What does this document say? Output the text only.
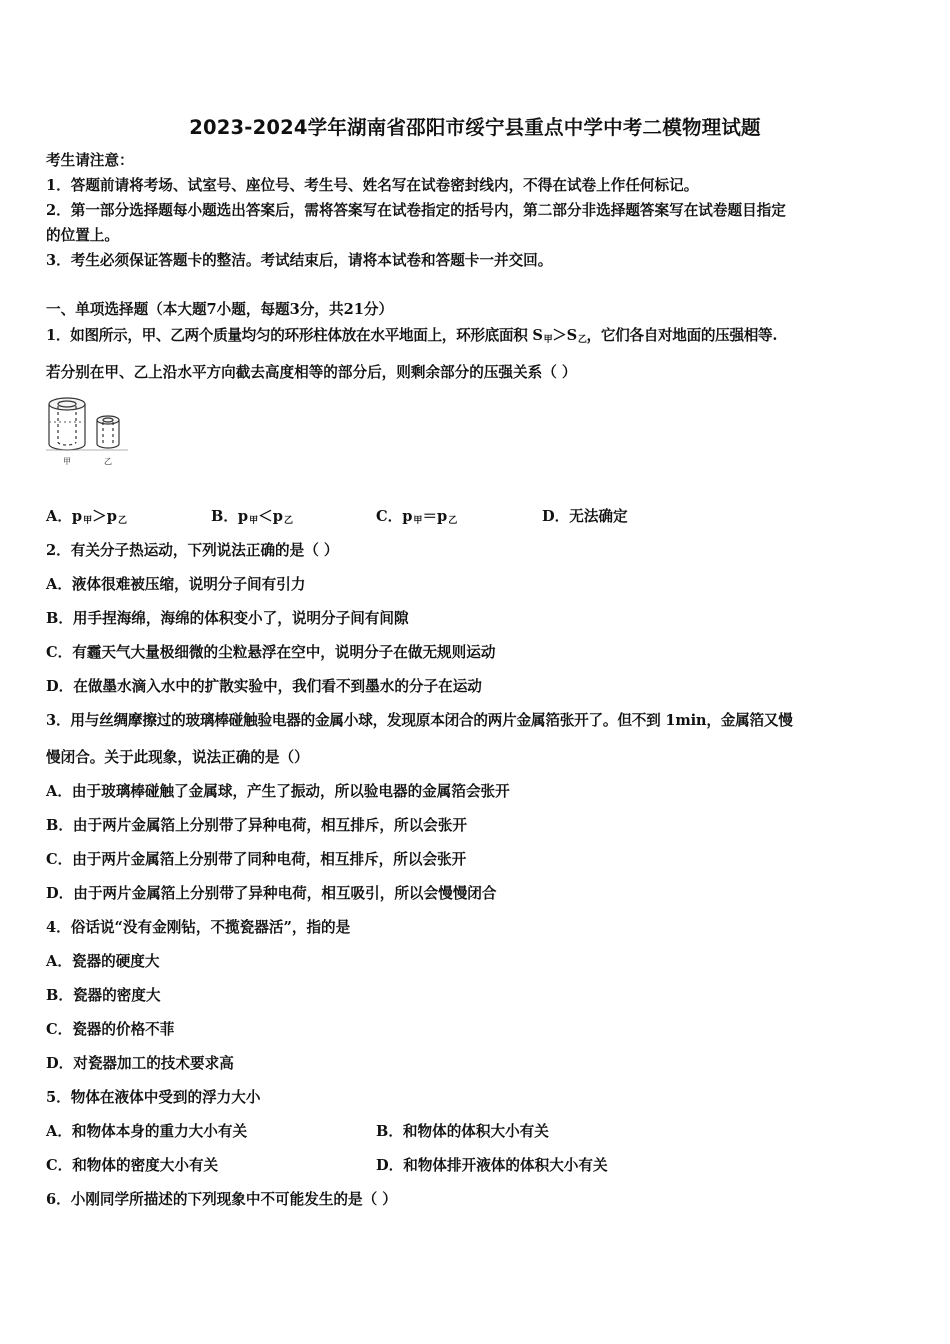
2023-2024学年湖南省邵阳市绥宁县重点中学中考二模物理试题
考生请注意：
1．答题前请将考场、试室号、座位号、考生号、姓名写在试卷密封线内，不得在试卷上作任何标记。
2．第一部分选择题每小题选出答案后，需将答案写在试卷指定的括号内，第二部分非选择题答案写在试卷题目指定
的位置上。
3．考生必须保证答题卡的整洁。考试结束后，请将本试卷和答题卡一并交回。
一、单项选择题（本大题7小题，每题3分，共21分）
1．如图所示，甲、乙两个质量均匀的环形柱体放在水平地面上，环形底面积 $S_甲>S_乙$，它们各自对地面的压强相等.
若分别在甲、乙上沿水平方向截去高度相等的部分后，则剩余部分的压强关系（ ）
甲	乙
A．$p_甲>p_乙$	B．$p_甲<p_乙$	C．$p_甲=p_乙$	D．无法确定
2．有关分子热运动，下列说法正确的是（ ）
A．液体很难被压缩，说明分子间有引力
B．用手捏海绵，海绵的体积变小了，说明分子间有间隙
C．有霾天气大量极细微的尘粒悬浮在空中，说明分子在做无规则运动
D．在做墨水滴入水中的扩散实验中，我们看不到墨水的分子在运动
3．用与丝绸摩擦过的玻璃棒碰触验电器的金属小球，发现原本闭合的两片金属箔张开了。但不到 1min，金属箔又慢
慢闭合。关于此现象，说法正确的是（）
A．由于玻璃棒碰触了金属球，产生了振动，所以验电器的金属箔会张开
B．由于两片金属箔上分别带了异种电荷，相互排斥，所以会张开
C．由于两片金属箔上分别带了同种电荷，相互排斥，所以会张开
D．由于两片金属箔上分别带了异种电荷，相互吸引，所以会慢慢闭合
4．俗话说“没有金刚钻，不揽瓷器活”，指的是
A．瓷器的硬度大
B．瓷器的密度大
C．瓷器的价格不菲
D．对瓷器加工的技术要求高
5．物体在液体中受到的浮力大小
A．和物体本身的重力大小有关	B．和物体的体积大小有关
C．和物体的密度大小有关	D．和物体排开液体的体积大小有关
6．小刚同学所描述的下列现象中不可能发生的是（ ）
